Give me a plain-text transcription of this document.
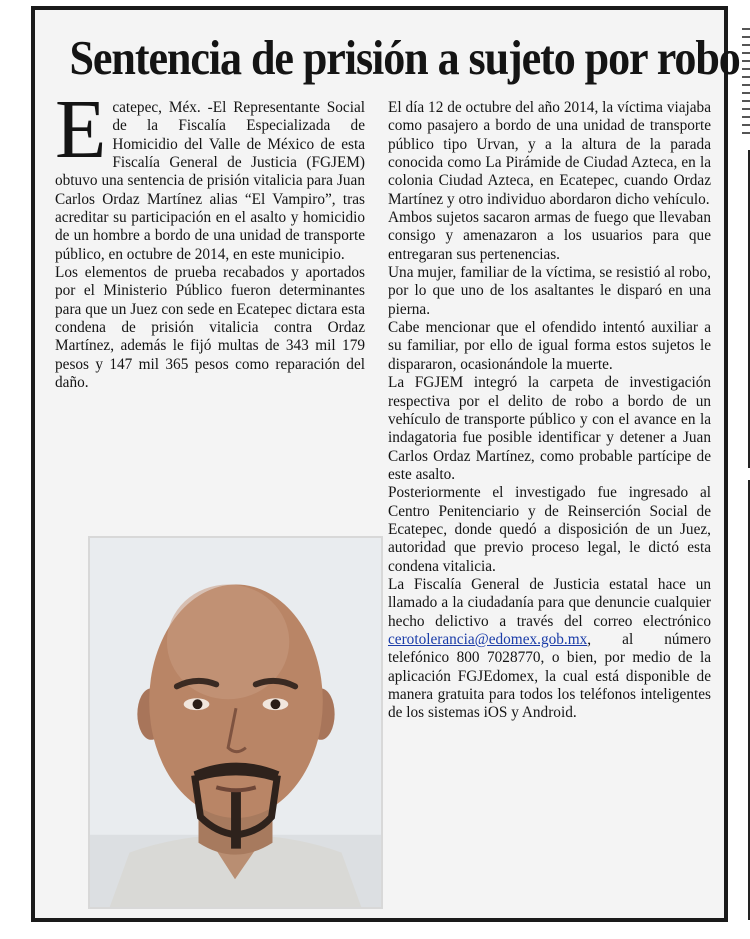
Sentencia de prisión a sujeto por robo

Ecatepec, Méx. -El Representante Social de la Fiscalía Especializada de Homicidio del Valle de México de esta Fiscalía General de Justicia (FGJEM) obtuvo una sentencia de prisión vitalicia para Juan Carlos Ordaz Martínez alias “El Vampiro”, tras acreditar su participación en el asalto y homicidio de un hombre a bordo de una unidad de transporte público, en octubre de 2014, en este municipio.

Los elementos de prueba recabados y aportados por el Ministerio Público fueron determinantes para que un Juez con sede en Ecatepec dictara esta condena de prisión vitalicia contra Ordaz Martínez, además le fijó multas de 343 mil 179 pesos y 147 mil 365 pesos como reparación del daño.

El día 12 de octubre del año 2014, la víctima viajaba como pasajero a bordo de una unidad de transporte público tipo Urvan, y a la altura de la parada conocida como La Pirámide de Ciudad Azteca, en la colonia Ciudad Azteca, en Ecatepec, cuando Ordaz Martínez y otro individuo abordaron dicho vehículo.

Ambos sujetos sacaron armas de fuego que llevaban consigo y amenazaron a los usuarios para que entregaran sus pertenencias.

Una mujer, familiar de la víctima, se resistió al robo, por lo que uno de los asaltantes le disparó en una pierna.

Cabe mencionar que el ofendido intentó auxiliar a su familiar, por ello de igual forma estos sujetos le dispararon, ocasionándole la muerte.

La FGJEM integró la carpeta de investigación respectiva por el delito de robo a bordo de un vehículo de transporte público y con el avance en la indagatoria fue posible identificar y detener a Juan Carlos Ordaz Martínez, como probable partícipe de este asalto.

Posteriormente el investigado fue ingresado al Centro Penitenciario y de Reinserción Social de Ecatepec, donde quedó a disposición de un Juez, autoridad que previo proceso legal, le dictó esta condena vitalicia.

La Fiscalía General de Justicia estatal hace un llamado a la ciudadanía para que denuncie cualquier hecho delictivo a través del correo electrónico cerotolerancia@edomex.gob.mx, al número telefónico 800 7028770, o bien, por medio de la aplicación FGJEdomex, la cual está disponible de manera gratuita para todos los teléfonos inteligentes de los sistemas iOS y Android.
